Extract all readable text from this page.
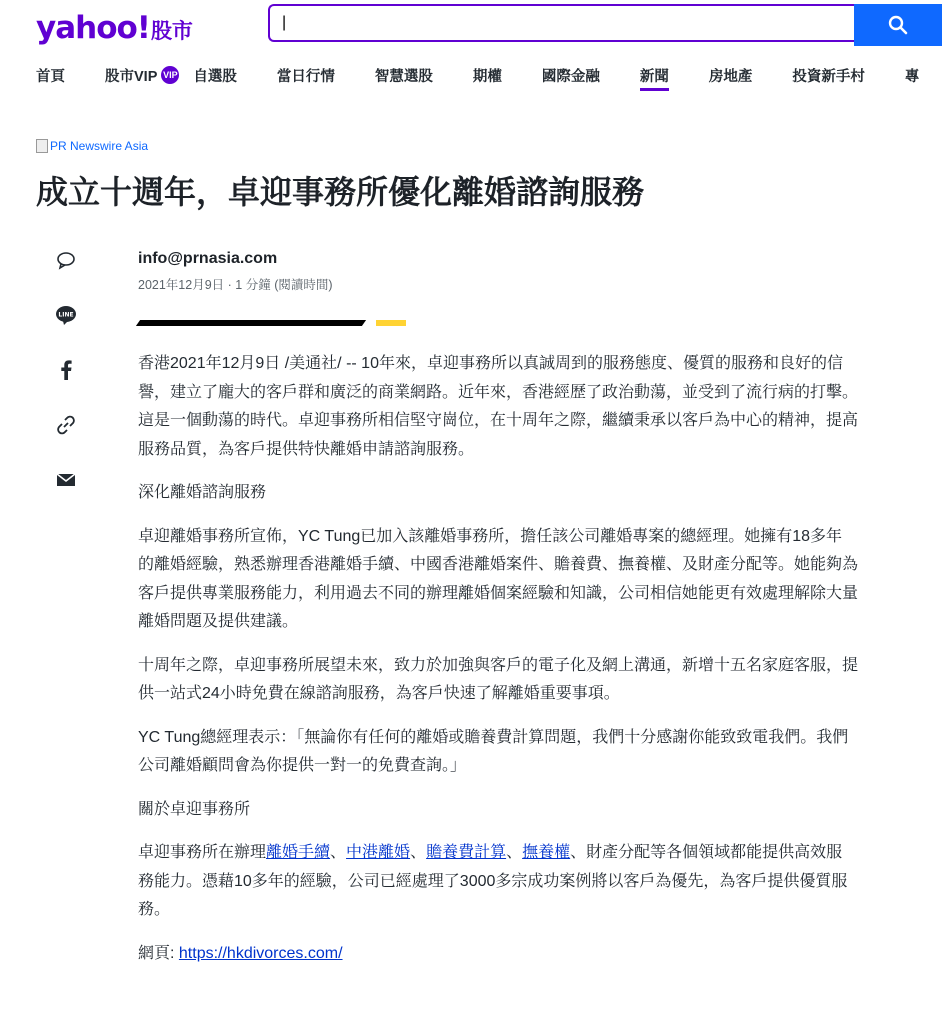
yahoo! 股市
|
首頁	股市VIP VIP 自選股	當日行情	智慧選股	期權	國際金融	新聞	房地產	投資新手村	專
PR Newswire Asia
成立十週年，卓迎事務所優化離婚諮詢服務
LINE
info@prnasia.com
2021年12月9日 · 1 分鐘 (閱讀時間)

香港2021年12月9日 /美通社/ -- 10年來，卓迎事務所以真誠周到的服務態度、優質的服務和良好的信譽，建立了龐大的客戶群和廣泛的商業網路。近年來，香港經歷了政治動蕩，並受到了流行病的打擊。這是一個動蕩的時代。卓迎事務所相信堅守崗位，在十周年之際，繼續秉承以客戶為中心的精神，提高服務品質，為客戶提供特快離婚申請諮詢服務。

深化離婚諮詢服務

卓迎離婚事務所宣佈，YC Tung已加入該離婚事務所，擔任該公司離婚專案的總經理。她擁有18多年的離婚經驗，熟悉辦理香港離婚手續、中國香港離婚案件、贍養費、撫養權、及財產分配等。她能夠為客戶提供專業服務能力，利用過去不同的辦理離婚個案經驗和知識，公司相信她能更有效處理解除大量離婚問題及提供建議。

十周年之際，卓迎事務所展望未來，致力於加強與客戶的電子化及網上溝通，新增十五名家庭客服，提供一站式24小時免費在線諮詢服務，為客戶快速了解離婚重要事項。

YC Tung總經理表示：「無論你有任何的離婚或贍養費計算問題，我們十分感謝你能致致電我們。我們公司離婚顧問會為你提供一對一的免費查詢。」

關於卓迎事務所

卓迎事務所在辦理離婚手續、中港離婚、贍養費計算、撫養權、財產分配等各個領域都能提供高效服務能力。憑藉10多年的經驗，公司已經處理了3000多宗成功案例將以客戶為優先，為客戶提供優質服務。

網頁: https://hkdivorces.com/
